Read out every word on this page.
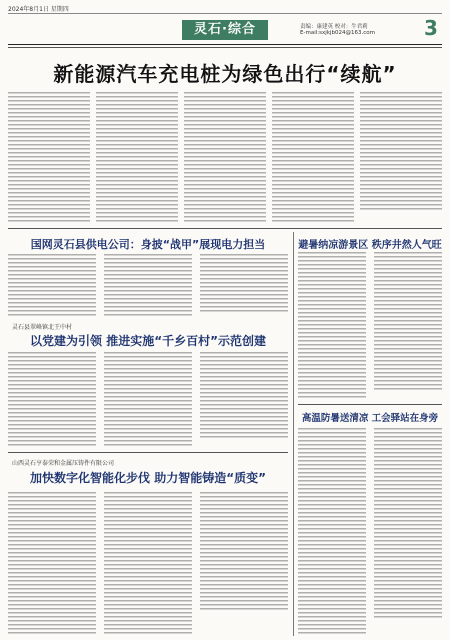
2024年8月1日 星期四
灵石·综合	责编：康建英 校对：牛君莉
E-mail:sxjkjb024@163.com 3
新能源汽车充电桩为绿色出行“续航”
国网灵石县供电公司：身披“战甲”展现电力担当
灵石县翠峰镇北王中村
以党建为引领 推进实施“千乡百村”示范创建
山西灵石亨泰荣和金属压铸件有限公司
加快数字化智能化步伐 助力智能铸造“质变”
避暑纳凉游景区 秩序井然人气旺
高温防暑送清凉 工会驿站在身旁
